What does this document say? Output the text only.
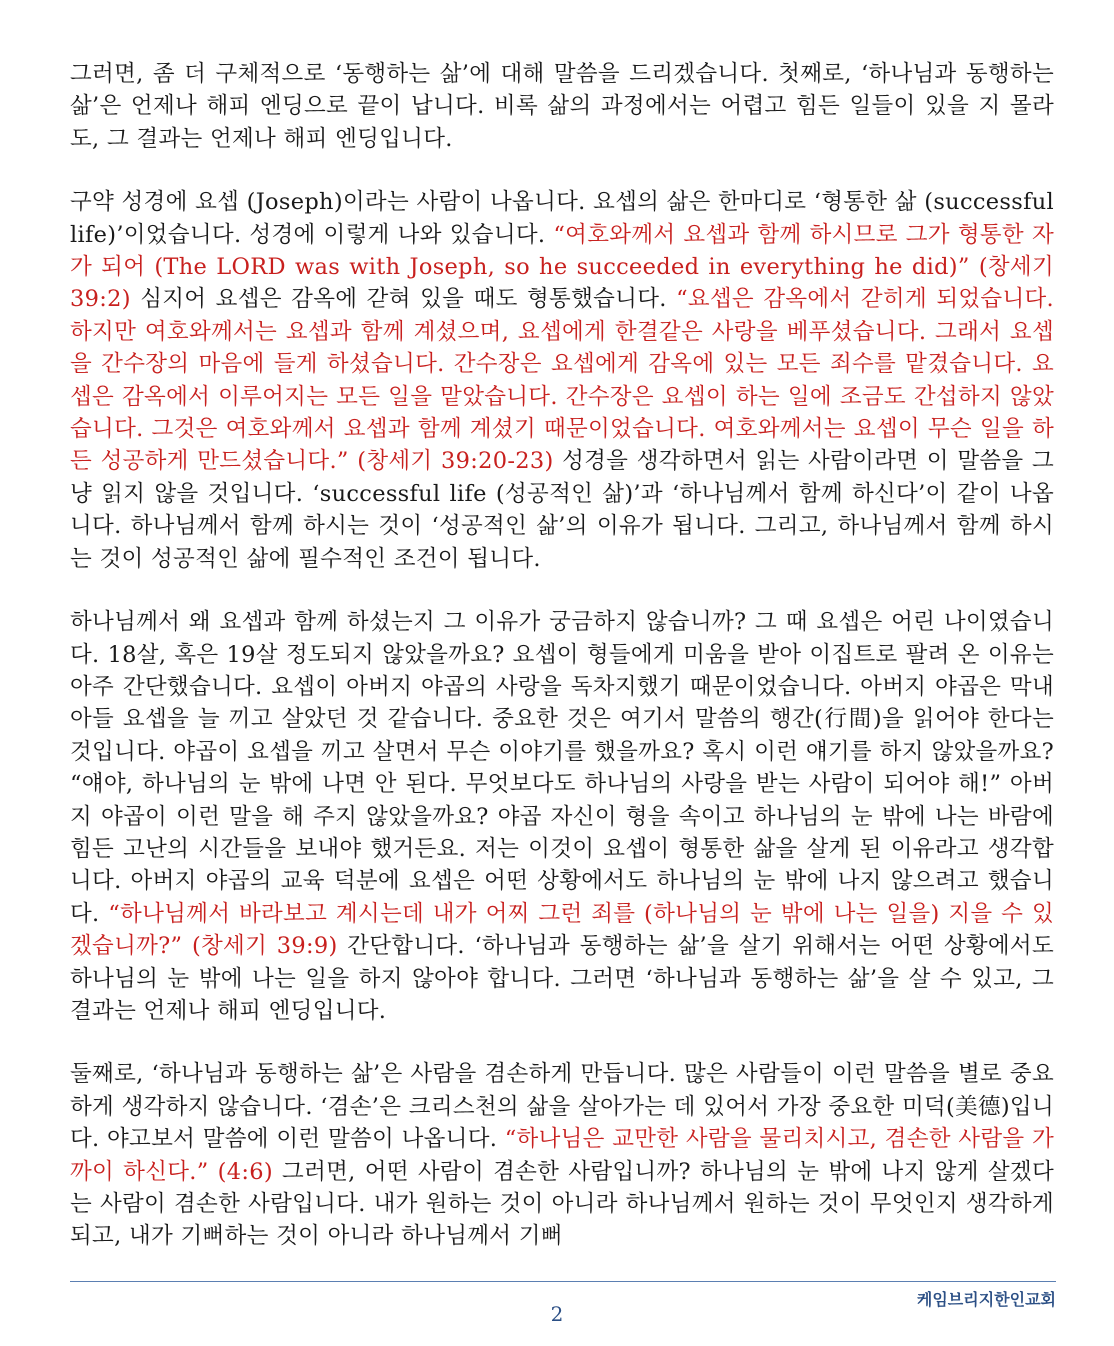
그러면, 좀 더 구체적으로 ‘동행하는 삶’에 대해 말씀을 드리겠습니다. 첫째로, ‘하나님과 동행하는 삶’은 언제나 해피 엔딩으로 끝이 납니다. 비록 삶의 과정에서는 어렵고 힘든 일들이 있을 지 몰라도, 그 결과는 언제나 해피 엔딩입니다.

구약 성경에 요셉 (Joseph)이라는 사람이 나옵니다. 요셉의 삶은 한마디로 ‘형통한 삶 (successful life)’이었습니다. 성경에 이렇게 나와 있습니다. “여호와께서 요셉과 함께 하시므로 그가 형통한 자가 되어 (The LORD was with Joseph, so he succeeded in everything he did)” (창세기 39:2) 심지어 요셉은 감옥에 갇혀 있을 때도 형통했습니다. “요셉은 감옥에서 갇히게 되었습니다. 하지만 여호와께서는 요셉과 함께 계셨으며, 요셉에게 한결같은 사랑을 베푸셨습니다. 그래서 요셉을 간수장의 마음에 들게 하셨습니다. 간수장은 요셉에게 감옥에 있는 모든 죄수를 맡겼습니다. 요셉은 감옥에서 이루어지는 모든 일을 맡았습니다. 간수장은 요셉이 하는 일에 조금도 간섭하지 않았습니다. 그것은 여호와께서 요셉과 함께 계셨기 때문이었습니다. 여호와께서는 요셉이 무슨 일을 하든 성공하게 만드셨습니다.” (창세기 39:20-23) 성경을 생각하면서 읽는 사람이라면 이 말씀을 그냥 읽지 않을 것입니다. ‘successful life (성공적인 삶)’과 ‘하나님께서 함께 하신다’이 같이 나옵니다. 하나님께서 함께 하시는 것이 ‘성공적인 삶’의 이유가 됩니다. 그리고, 하나님께서 함께 하시는 것이 성공적인 삶에 필수적인 조건이 됩니다.

하나님께서 왜 요셉과 함께 하셨는지 그 이유가 궁금하지 않습니까? 그 때 요셉은 어린 나이였습니다. 18살, 혹은 19살 정도되지 않았을까요? 요셉이 형들에게 미움을 받아 이집트로 팔려 온 이유는 아주 간단했습니다. 요셉이 아버지 야곱의 사랑을 독차지했기 때문이었습니다. 아버지 야곱은 막내 아들 요셉을 늘 끼고 살았던 것 같습니다. 중요한 것은 여기서 말씀의 행간(行間)을 읽어야 한다는 것입니다. 야곱이 요셉을 끼고 살면서 무슨 이야기를 했을까요? 혹시 이런 얘기를 하지 않았을까요? “얘야, 하나님의 눈 밖에 나면 안 된다. 무엇보다도 하나님의 사랑을 받는 사람이 되어야 해!” 아버지 야곱이 이런 말을 해 주지 않았을까요? 야곱 자신이 형을 속이고 하나님의 눈 밖에 나는 바람에 힘든 고난의 시간들을 보내야 했거든요. 저는 이것이 요셉이 형통한 삶을 살게 된 이유라고 생각합니다. 아버지 야곱의 교육 덕분에 요셉은 어떤 상황에서도 하나님의 눈 밖에 나지 않으려고 했습니다. “하나님께서 바라보고 계시는데 내가 어찌 그런 죄를 (하나님의 눈 밖에 나는 일을) 지을 수 있겠습니까?” (창세기 39:9) 간단합니다. ‘하나님과 동행하는 삶’을 살기 위해서는 어떤 상황에서도 하나님의 눈 밖에 나는 일을 하지 않아야 합니다. 그러면 ‘하나님과 동행하는 삶’을 살 수 있고, 그 결과는 언제나 해피 엔딩입니다.

둘째로, ‘하나님과 동행하는 삶’은 사람을 겸손하게 만듭니다. 많은 사람들이 이런 말씀을 별로 중요하게 생각하지 않습니다. ‘겸손’은 크리스천의 삶을 살아가는 데 있어서 가장 중요한 미덕(美德)입니다. 야고보서 말씀에 이런 말씀이 나옵니다. “하나님은 교만한 사람을 물리치시고, 겸손한 사람을 가까이 하신다.” (4:6) 그러면, 어떤 사람이 겸손한 사람입니까? 하나님의 눈 밖에 나지 않게 살겠다는 사람이 겸손한 사람입니다. 내가 원하는 것이 아니라 하나님께서 원하는 것이 무엇인지 생각하게 되고, 내가 기뻐하는 것이 아니라 하나님께서 기뻐

케임브리지한인교회
2
